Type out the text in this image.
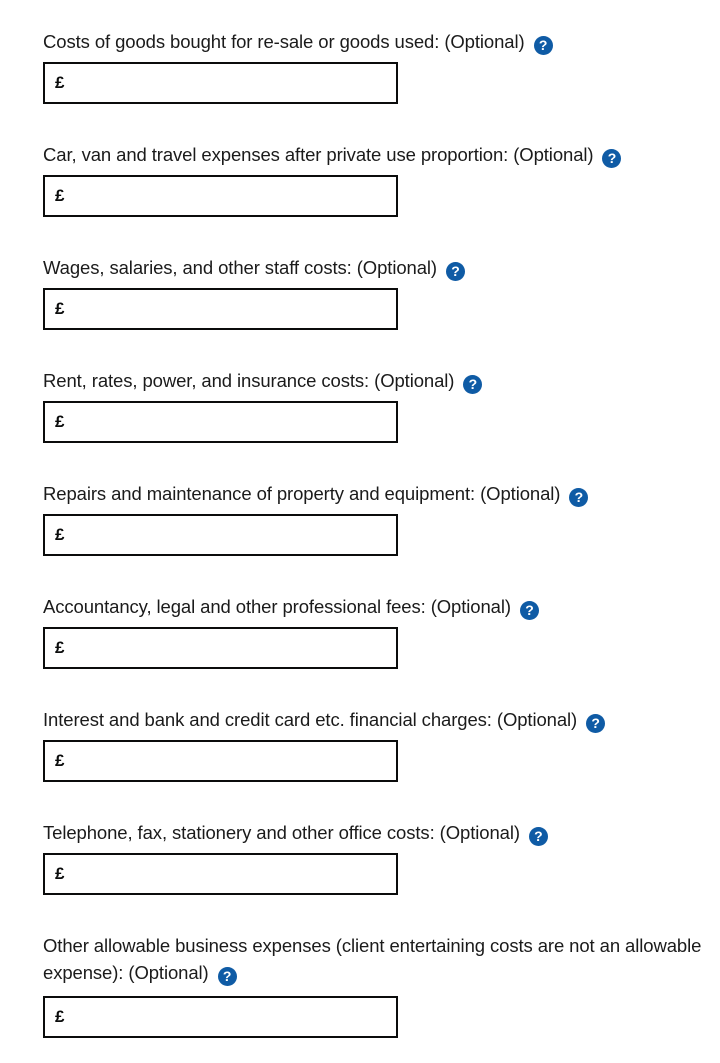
Costs of goods bought for re-sale or goods used: (Optional) ?
£
Car, van and travel expenses after private use proportion: (Optional) ?
£
Wages, salaries, and other staff costs: (Optional) ?
£
Rent, rates, power, and insurance costs: (Optional) ?
£
Repairs and maintenance of property and equipment: (Optional) ?
£
Accountancy, legal and other professional fees: (Optional) ?
£
Interest and bank and credit card etc. financial charges: (Optional) ?
£
Telephone, fax, stationery and other office costs: (Optional) ?
£
Other allowable business expenses (client entertaining costs are not an allowable expense): (Optional) ?
£
